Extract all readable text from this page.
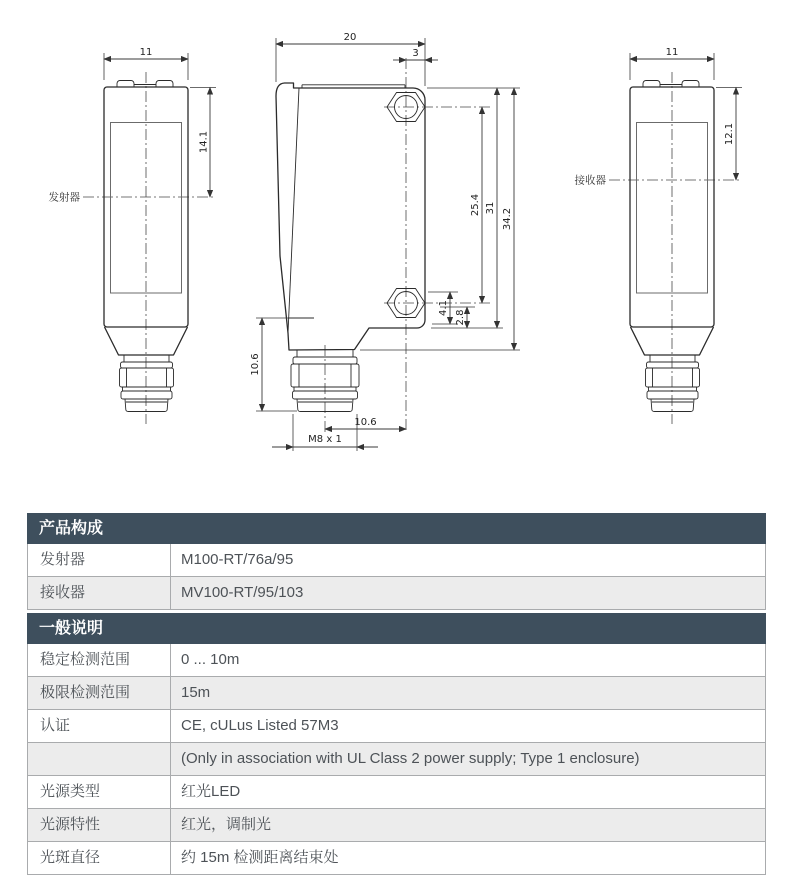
发射器
11
14.1
20
3
25.4 31 34.2
4.1
2.8
10.6
10.6
M8 x 1
接收器
11
12.1
产品构成
发射器	M100-RT/76a/95
接收器	MV100-RT/95/103
一般说明
稳定检测范围	0 ... 10m
极限检测范围	15m
认证	CE, cULus Listed 57M3
(Only in association with UL Class 2 power supply; Type 1 enclosure)
光源类型	红光LED
光源特性	红光，调制光
光斑直径	约 15m 检测距离结束处
